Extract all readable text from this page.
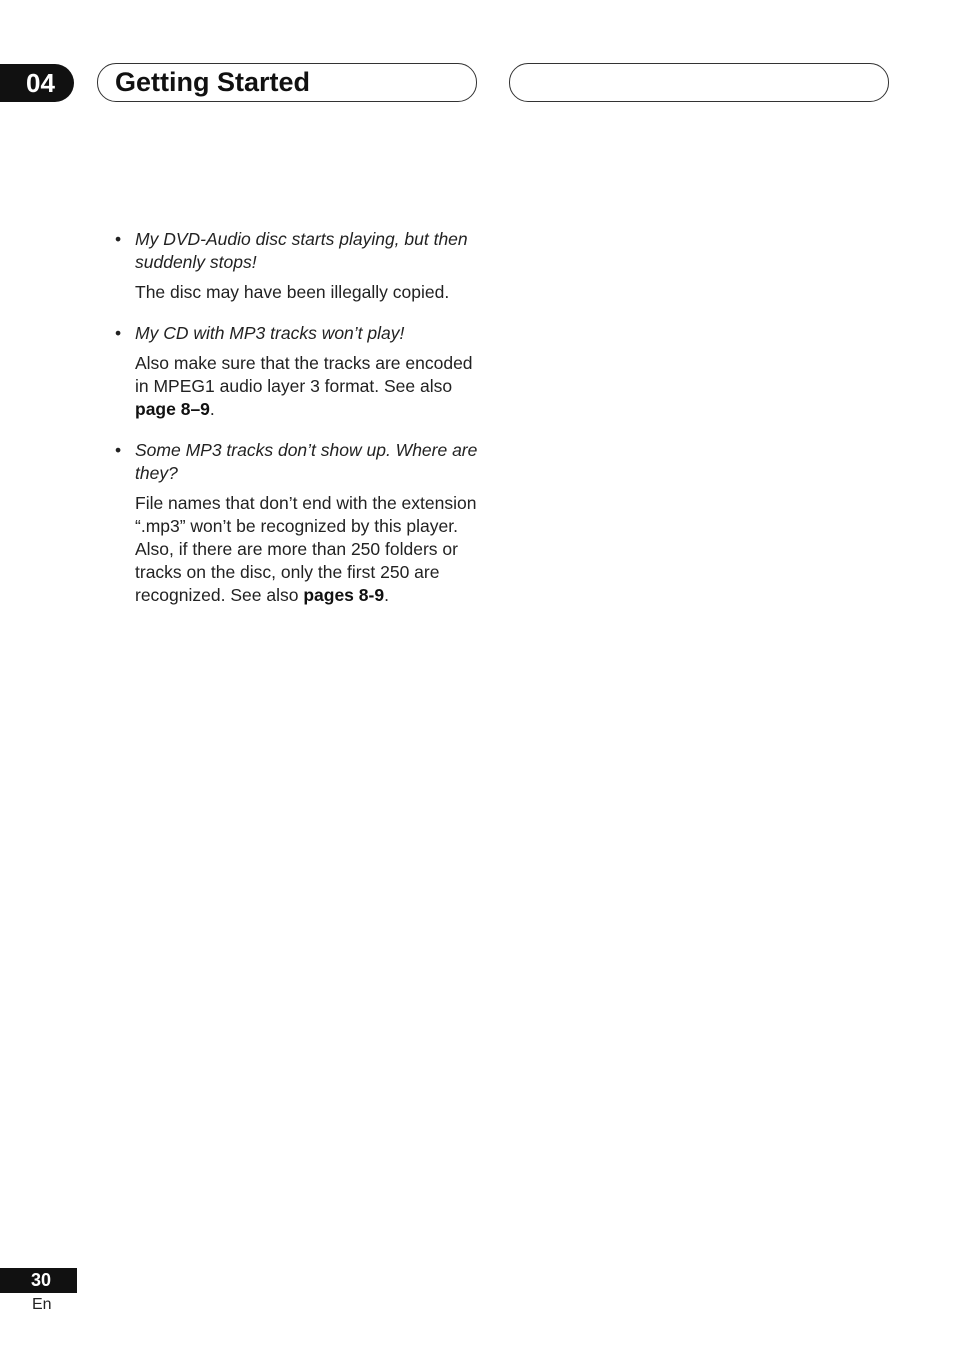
04	Getting Started
• My DVD-Audio disc starts playing, but then suddenly stops!
The disc may have been illegally copied.
• My CD with MP3 tracks won’t play!
Also make sure that the tracks are encoded in MPEG1 audio layer 3 format. See also page 8–9.
• Some MP3 tracks don’t show up. Where are they?
File names that don’t end with the extension “.mp3” won’t be recognized by this player. Also, if there are more than 250 folders or tracks on the disc, only the first 250 are recognized. See also pages 8-9.
30
En
